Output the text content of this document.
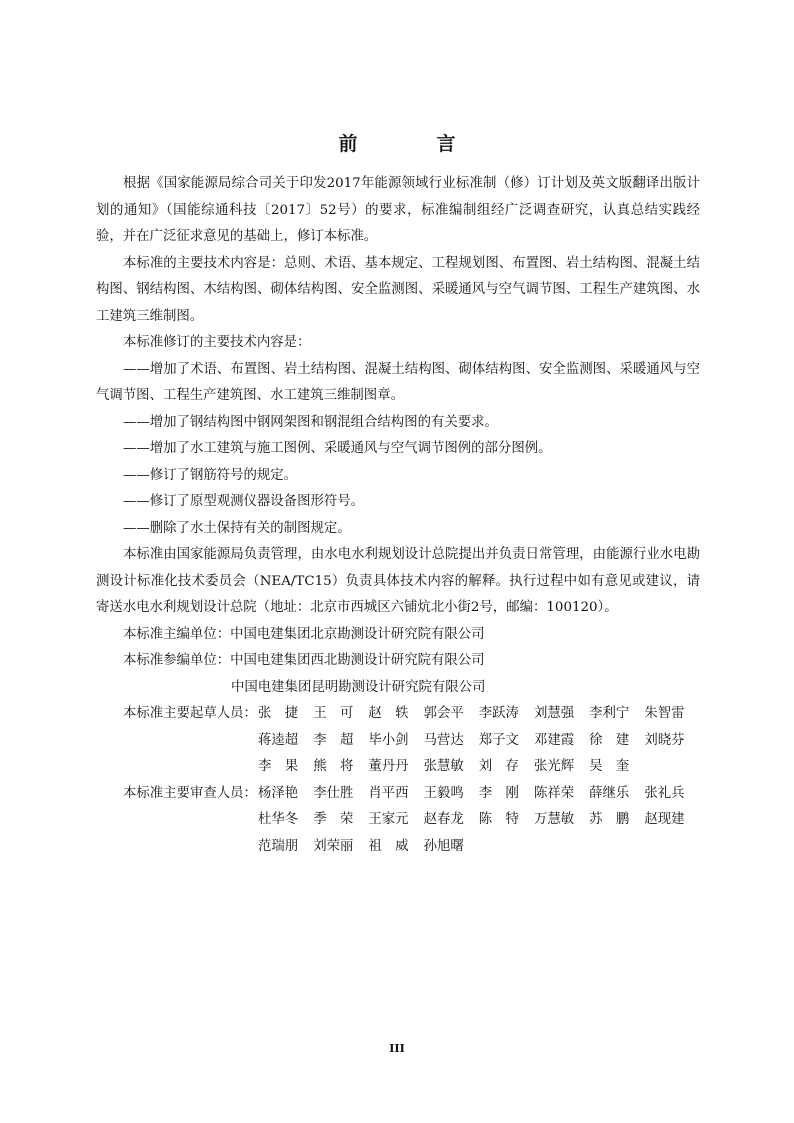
前　言

根据《国家能源局综合司关于印发2017年能源领域行业标准制（修）订计划及英文版翻译出版计划的通知》（国能综通科技〔2017〕52号）的要求，标准编制组经广泛调查研究，认真总结实践经验，并在广泛征求意见的基础上，修订本标准。

本标准的主要技术内容是：总则、术语、基本规定、工程规划图、布置图、岩土结构图、混凝土结构图、钢结构图、木结构图、砌体结构图、安全监测图、采暖通风与空气调节图、工程生产建筑图、水工建筑三维制图。

本标准修订的主要技术内容是：

——增加了术语、布置图、岩土结构图、混凝土结构图、砌体结构图、安全监测图、采暖通风与空气调节图、工程生产建筑图、水工建筑三维制图章。

——增加了钢结构图中钢网架图和钢混组合结构图的有关要求。

——增加了水工建筑与施工图例、采暖通风与空气调节图例的部分图例。

——修订了钢筋符号的规定。

——修订了原型观测仪器设备图形符号。

——删除了水土保持有关的制图规定。

本标准由国家能源局负责管理，由水电水利规划设计总院提出并负责日常管理，由能源行业水电勘测设计标准化技术委员会（NEA/TC15）负责具体技术内容的解释。执行过程中如有意见或建议，请寄送水电水利规划设计总院（地址：北京市西城区六铺炕北小街2号，邮编：100120）。

本标准主编单位：中国电建集团北京勘测设计研究院有限公司
本标准参编单位：中国电建集团西北勘测设计研究院有限公司
中国电建集团昆明勘测设计研究院有限公司
本标准主要起草人员： 张　捷	王　可	赵　轶	郭会平	李跃涛	刘慧强	李利宁	朱智雷
蒋逵超	李　超	毕小剑	马营达	郑子文	邓建霞	徐　建	刘晓芬
李　果	熊　将	董丹丹	张慧敏	刘　存	张光辉	吴　奎
本标准主要审查人员： 杨泽艳	李仕胜	肖平西	王毅鸣	李　刚	陈祥荣	薛继乐	张礼兵
杜华冬	季　荣	王家元	赵春龙	陈　特	万慧敏	苏　鹏	赵现建
范瑞朋	刘荣丽	祖　威	孙旭曙
III
